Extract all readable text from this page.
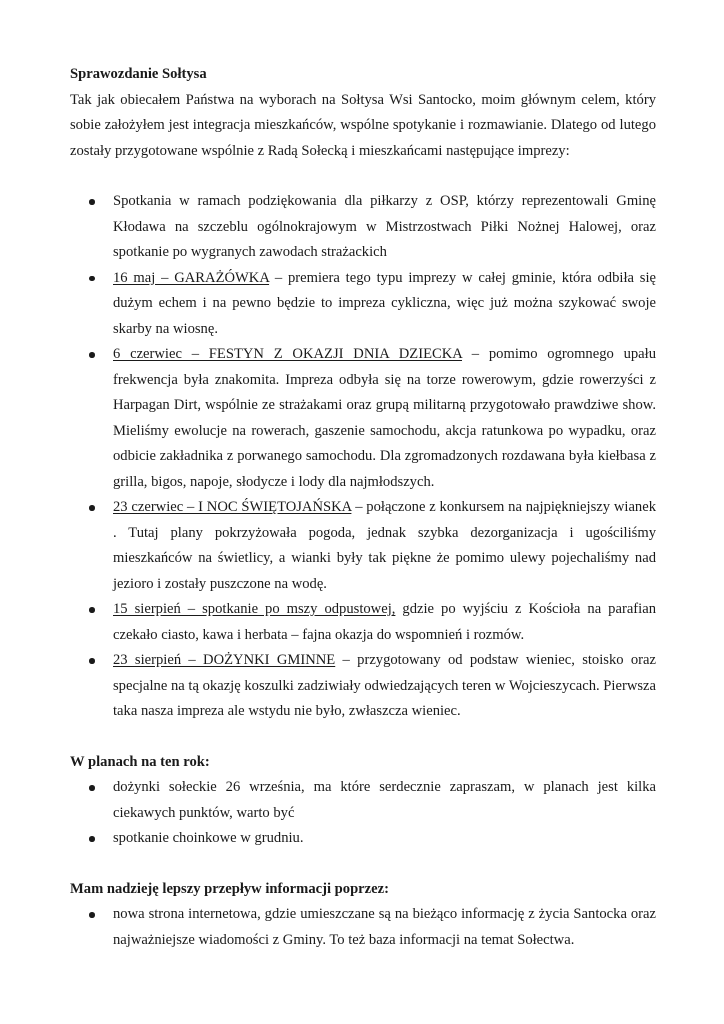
Sprawozdanie Sołtysa
Tak jak obiecałem Państwa na wyborach na Sołtysa Wsi Santocko, moim głównym celem, który sobie założyłem jest integracja mieszkańców, wspólne spotykanie i rozmawianie. Dlatego od lutego zostały przygotowane wspólnie z Radą Sołecką i mieszkańcami następujące imprezy:
Spotkania w ramach podziękowania dla piłkarzy z OSP, którzy reprezentowali Gminę Kłodawa na szczeblu ogólnokrajowym w Mistrzostwach Piłki Nożnej Halowej, oraz spotkanie po wygranych zawodach strażackich
16 maj – GARAŻÓWKA – premiera tego typu imprezy w całej gminie, która odbiła się dużym echem i na pewno będzie to impreza cykliczna, więc już można szykować swoje skarby na wiosnę.
6 czerwiec – FESTYN Z OKAZJI DNIA DZIECKA – pomimo ogromnego upału frekwencja była znakomita. Impreza odbyła się na torze rowerowym, gdzie rowerzyści z Harpagan Dirt, wspólnie ze strażakami oraz grupą militarną przygotowało prawdziwe show. Mieliśmy ewolucje na rowerach, gaszenie samochodu, akcja ratunkowa po wypadku, oraz odbicie zakładnika z porwanego samochodu. Dla zgromadzonych rozdawana była kiełbasa z grilla, bigos, napoje, słodycze i lody dla najmłodszych.
23 czerwiec – I NOC ŚWIĘTOJAŃSKA – połączone z konkursem na najpiękniejszy wianek . Tutaj plany pokrzyżowała pogoda, jednak szybka dezorganizacja i ugościliśmy mieszkańców na świetlicy, a wianki były tak piękne że pomimo ulewy pojechaliśmy nad jezioro i zostały puszczone na wodę.
15 sierpień – spotkanie po mszy odpustowej, gdzie po wyjściu z Kościoła na parafian czekało ciasto, kawa i herbata – fajna okazja do wspomnień i rozmów.
23 sierpień – DOŻYNKI GMINNE – przygotowany od podstaw wieniec, stoisko oraz specjalne na tą okazję koszulki zadziwiały odwiedzających teren w Wojcieszycach. Pierwsza taka nasza impreza ale wstydu nie było, zwłaszcza wieniec.
W planach na ten rok:
dożynki sołeckie 26 września, ma które serdecznie zapraszam, w planach jest kilka ciekawych punktów, warto być
spotkanie choinkowe w grudniu.
Mam nadzieję lepszy przepływ informacji poprzez:
nowa strona internetowa, gdzie umieszczane są na bieżąco informację z życia Santocka oraz najważniejsze wiadomości z Gminy. To też baza informacji na temat Sołectwa.
